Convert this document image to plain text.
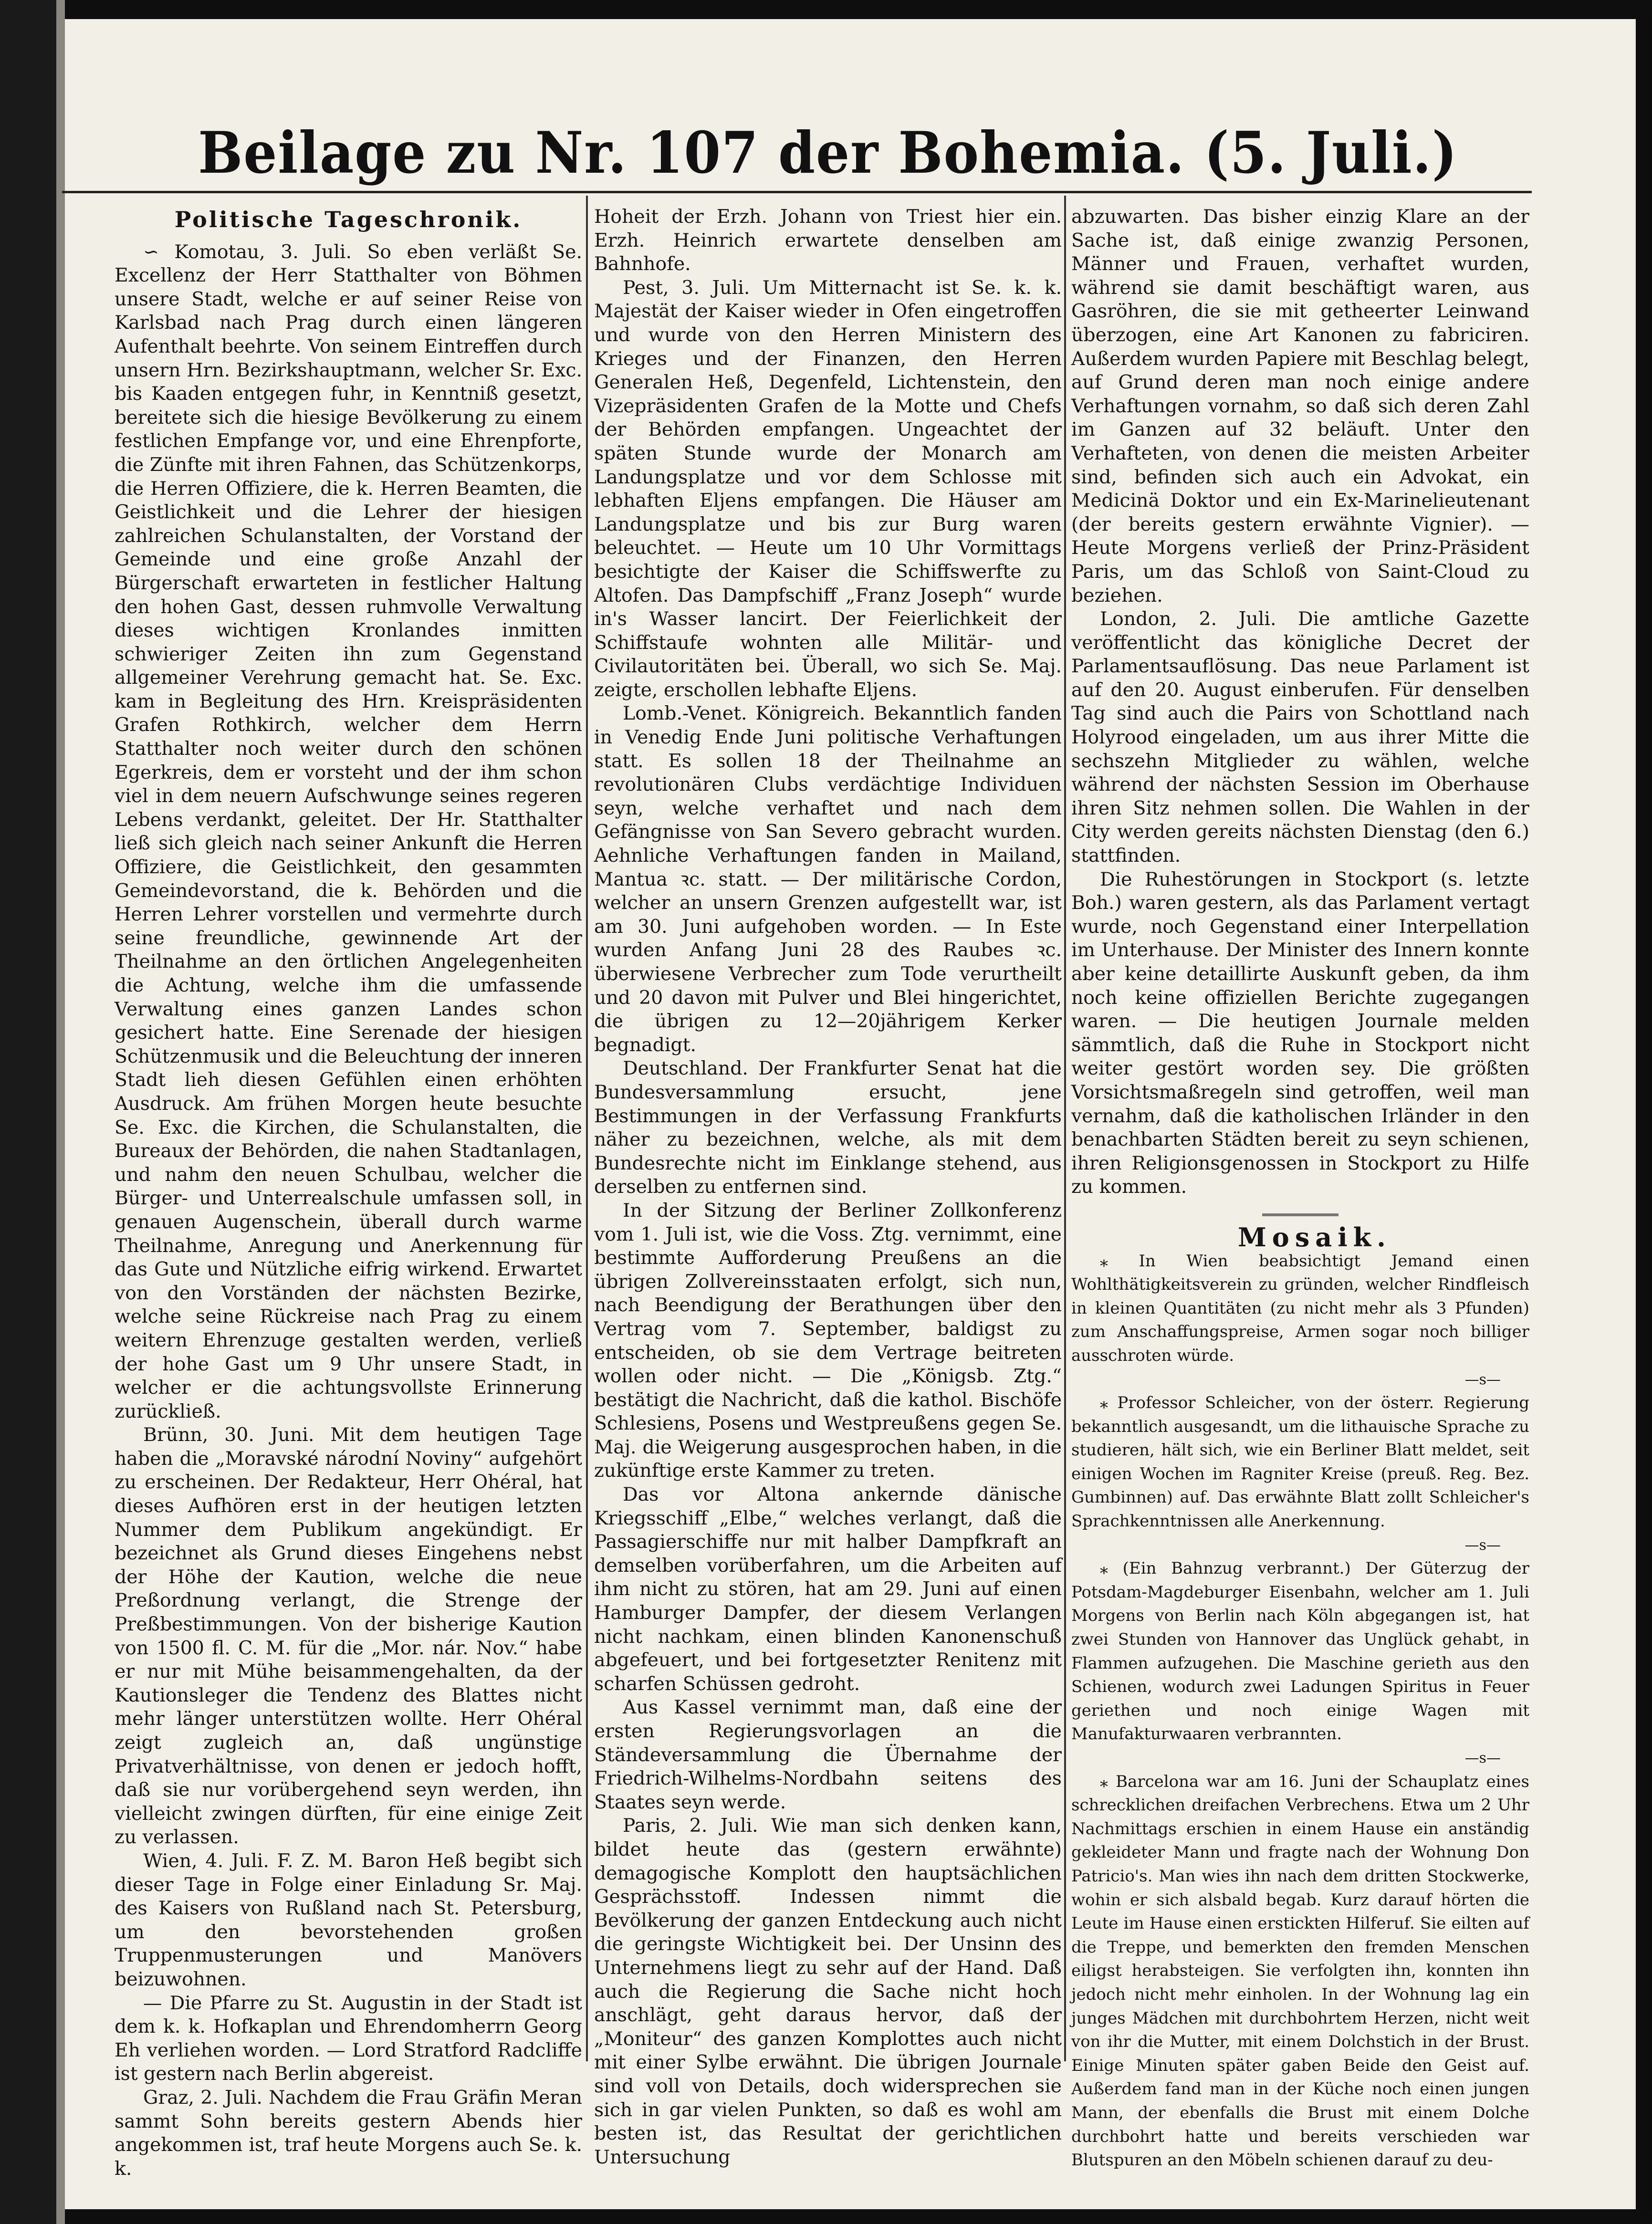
Beilage zu Nr. 107 der Bohemia. (5. Juli.)

Politische Tageschronik.

∽ Komotau, 3. Juli. So eben verläßt Se. Excellenz der Herr Statthalter von Böhmen unsere Stadt, welche er auf seiner Reise von Karlsbad nach Prag durch einen längeren Aufenthalt beehrte. Von seinem Eintreffen durch unsern Hrn. Bezirkshauptmann, welcher Sr. Exc. bis Kaaden entgegen fuhr, in Kenntniß gesetzt, bereitete sich die hiesige Bevölkerung zu einem festlichen Empfange vor, und eine Ehrenpforte, die Zünfte mit ihren Fahnen, das Schützenkorps, die Herren Offiziere, die k. Herren Beamten, die Geistlichkeit und die Lehrer der hiesigen zahlreichen Schulanstalten, der Vorstand der Gemeinde und eine große Anzahl der Bürgerschaft erwarteten in festlicher Haltung den hohen Gast, dessen ruhmvolle Verwaltung dieses wichtigen Kronlandes inmitten schwieriger Zeiten ihn zum Gegenstand allgemeiner Verehrung gemacht hat. Se. Exc. kam in Begleitung des Hrn. Kreispräsidenten Grafen Rothkirch, welcher dem Herrn Statthalter noch weiter durch den schönen Egerkreis, dem er vorsteht und der ihm schon viel in dem neuern Aufschwunge seines regeren Lebens verdankt, geleitet. Der Hr. Statthalter ließ sich gleich nach seiner Ankunft die Herren Offiziere, die Geistlichkeit, den gesammten Gemeindevorstand, die k. Behörden und die Herren Lehrer vorstellen und vermehrte durch seine freundliche, gewinnende Art der Theilnahme an den örtlichen Angelegenheiten die Achtung, welche ihm die umfassende Verwaltung eines ganzen Landes schon gesichert hatte. Eine Serenade der hiesigen Schützenmusik und die Beleuchtung der inneren Stadt lieh diesen Gefühlen einen erhöhten Ausdruck. Am frühen Morgen heute besuchte Se. Exc. die Kirchen, die Schulanstalten, die Bureaux der Behörden, die nahen Stadtanlagen, und nahm den neuen Schulbau, welcher die Bürger- und Unterrealschule umfassen soll, in genauen Augenschein, überall durch warme Theilnahme, Anregung und Anerkennung für das Gute und Nützliche eifrig wirkend. Erwartet von den Vorständen der nächsten Bezirke, welche seine Rückreise nach Prag zu einem weitern Ehrenzuge gestalten werden, verließ der hohe Gast um 9 Uhr unsere Stadt, in welcher er die achtungsvollste Erinnerung zurückließ.

Brünn, 30. Juni. Mit dem heutigen Tage haben die „Moravské národní Noviny“ aufgehört zu erscheinen. Der Redakteur, Herr Ohéral, hat dieses Aufhören erst in der heutigen letzten Nummer dem Publikum angekündigt. Er bezeichnet als Grund dieses Eingehens nebst der Höhe der Kaution, welche die neue Preßordnung verlangt, die Strenge der Preßbestimmungen. Von der bisherige Kaution von 1500 fl. C. M. für die „Mor. nár. Nov.“ habe er nur mit Mühe beisammengehalten, da der Kautionsleger die Tendenz des Blattes nicht mehr länger unterstützen wollte. Herr Ohéral zeigt zugleich an, daß ungünstige Privatverhältnisse, von denen er jedoch hofft, daß sie nur vorübergehend seyn werden, ihn vielleicht zwingen dürften, für eine einige Zeit zu verlassen.

Wien, 4. Juli. F. Z. M. Baron Heß begibt sich dieser Tage in Folge einer Einladung Sr. Maj. des Kaisers von Rußland nach St. Petersburg, um den bevorstehenden großen Truppenmusterungen und Manövers beizuwohnen.

— Die Pfarre zu St. Augustin in der Stadt ist dem k. k. Hofkaplan und Ehrendomherrn Georg Eh verliehen worden. — Lord Stratford Radcliffe ist gestern nach Berlin abgereist.

Graz, 2. Juli. Nachdem die Frau Gräfin Meran sammt Sohn bereits gestern Abends hier angekommen ist, traf heute Morgens auch Se. k. k.

Hoheit der Erzh. Johann von Triest hier ein. Erzh. Heinrich erwartete denselben am Bahnhofe.

Pest, 3. Juli. Um Mitternacht ist Se. k. k. Majestät der Kaiser wieder in Ofen eingetroffen und wurde von den Herren Ministern des Krieges und der Finanzen, den Herren Generalen Heß, Degenfeld, Lichtenstein, den Vizepräsidenten Grafen de la Motte und Chefs der Behörden empfangen. Ungeachtet der späten Stunde wurde der Monarch am Landungsplatze und vor dem Schlosse mit lebhaften Eljens empfangen. Die Häuser am Landungsplatze und bis zur Burg waren beleuchtet. — Heute um 10 Uhr Vormittags besichtigte der Kaiser die Schiffswerfte zu Altofen. Das Dampfschiff „Franz Joseph“ wurde in's Wasser lancirt. Der Feierlichkeit der Schiffstaufe wohnten alle Militär- und Civilautoritäten bei. Überall, wo sich Se. Maj. zeigte, erschollen lebhafte Eljens.

Lomb.-Venet. Königreich. Bekanntlich fanden in Venedig Ende Juni politische Verhaftungen statt. Es sollen 18 der Theilnahme an revolutionären Clubs verdächtige Individuen seyn, welche verhaftet und nach dem Gefängnisse von San Severo gebracht wurden. Aehnliche Verhaftungen fanden in Mailand, Mantua ꝛc. statt. — Der militärische Cordon, welcher an unsern Grenzen aufgestellt war, ist am 30. Juni aufgehoben worden. — In Este wurden Anfang Juni 28 des Raubes ꝛc. überwiesene Verbrecher zum Tode verurtheilt und 20 davon mit Pulver und Blei hingerichtet, die übrigen zu 12—20jährigem Kerker begnadigt.

Deutschland. Der Frankfurter Senat hat die Bundesversammlung ersucht, jene Bestimmungen in der Verfassung Frankfurts näher zu bezeichnen, welche, als mit dem Bundesrechte nicht im Einklange stehend, aus derselben zu entfernen sind.

In der Sitzung der Berliner Zollkonferenz vom 1. Juli ist, wie die Voss. Ztg. vernimmt, eine bestimmte Aufforderung Preußens an die übrigen Zollvereinsstaaten erfolgt, sich nun, nach Beendigung der Berathungen über den Vertrag vom 7. September, baldigst zu entscheiden, ob sie dem Vertrage beitreten wollen oder nicht. — Die „Königsb. Ztg.“ bestätigt die Nachricht, daß die kathol. Bischöfe Schlesiens, Posens und Westpreußens gegen Se. Maj. die Weigerung ausgesprochen haben, in die zukünftige erste Kammer zu treten.

Das vor Altona ankernde dänische Kriegsschiff „Elbe,“ welches verlangt, daß die Passagierschiffe nur mit halber Dampfkraft an demselben vorüberfahren, um die Arbeiten auf ihm nicht zu stören, hat am 29. Juni auf einen Hamburger Dampfer, der diesem Verlangen nicht nachkam, einen blinden Kanonenschuß abgefeuert, und bei fortgesetzter Renitenz mit scharfen Schüssen gedroht.

Aus Kassel vernimmt man, daß eine der ersten Regierungsvorlagen an die Ständeversammlung die Übernahme der Friedrich-Wilhelms-Nordbahn seitens des Staates seyn werde.

Paris, 2. Juli. Wie man sich denken kann, bildet heute das (gestern erwähnte) demagogische Komplott den hauptsächlichen Gesprächsstoff. Indessen nimmt die Bevölkerung der ganzen Entdeckung auch nicht die geringste Wichtigkeit bei. Der Unsinn des Unternehmens liegt zu sehr auf der Hand. Daß auch die Regierung die Sache nicht hoch anschlägt, geht daraus hervor, daß der „Moniteur“ des ganzen Komplottes auch nicht mit einer Sylbe erwähnt. Die übrigen Journale sind voll von Details, doch widersprechen sie sich in gar vielen Punkten, so daß es wohl am besten ist, das Resultat der gerichtlichen Untersuchung

abzuwarten. Das bisher einzig Klare an der Sache ist, daß einige zwanzig Personen, Männer und Frauen, verhaftet wurden, während sie damit beschäftigt waren, aus Gasröhren, die sie mit getheerter Leinwand überzogen, eine Art Kanonen zu fabriciren. Außerdem wurden Papiere mit Beschlag belegt, auf Grund deren man noch einige andere Verhaftungen vornahm, so daß sich deren Zahl im Ganzen auf 32 beläuft. Unter den Verhafteten, von denen die meisten Arbeiter sind, befinden sich auch ein Advokat, ein Medicinä Doktor und ein Ex-Marinelieutenant (der bereits gestern erwähnte Vignier). — Heute Morgens verließ der Prinz-Präsident Paris, um das Schloß von Saint-Cloud zu beziehen.

London, 2. Juli. Die amtliche Gazette veröffentlicht das königliche Decret der Parlamentsauflösung. Das neue Parlament ist auf den 20. August einberufen. Für denselben Tag sind auch die Pairs von Schottland nach Holyrood eingeladen, um aus ihrer Mitte die sechszehn Mitglieder zu wählen, welche während der nächsten Session im Oberhause ihren Sitz nehmen sollen. Die Wahlen in der City werden gereits nächsten Dienstag (den 6.) stattfinden.

Die Ruhestörungen in Stockport (s. letzte Boh.) waren gestern, als das Parlament vertagt wurde, noch Gegenstand einer Interpellation im Unterhause. Der Minister des Innern konnte aber keine detaillirte Auskunft geben, da ihm noch keine offiziellen Berichte zugegangen waren. — Die heutigen Journale melden sämmtlich, daß die Ruhe in Stockport nicht weiter gestört worden sey. Die größten Vorsichtsmaßregeln sind getroffen, weil man vernahm, daß die katholischen Irländer in den benachbarten Städten bereit zu seyn schienen, ihren Religionsgenossen in Stockport zu Hilfe zu kommen.

Mosaik.

⁎ In Wien beabsichtigt Jemand einen Wohlthätigkeitsverein zu gründen, welcher Rindfleisch in kleinen Quantitäten (zu nicht mehr als 3 Pfunden) zum Anschaffungspreise, Armen sogar noch billiger ausschroten würde.

—s—

⁎ Professor Schleicher, von der österr. Regierung bekanntlich ausgesandt, um die lithauische Sprache zu studieren, hält sich, wie ein Berliner Blatt meldet, seit einigen Wochen im Ragniter Kreise (preuß. Reg. Bez. Gumbinnen) auf. Das erwähnte Blatt zollt Schleicher's Sprachkenntnissen alle Anerkennung.

—s—

⁎ (Ein Bahnzug verbrannt.) Der Güterzug der Potsdam-Magdeburger Eisenbahn, welcher am 1. Juli Morgens von Berlin nach Köln abgegangen ist, hat zwei Stunden von Hannover das Unglück gehabt, in Flammen aufzugehen. Die Maschine gerieth aus den Schienen, wodurch zwei Ladungen Spiritus in Feuer geriethen und noch einige Wagen mit Manufakturwaaren verbrannten.

—s—

⁎ Barcelona war am 16. Juni der Schauplatz eines schrecklichen dreifachen Verbrechens. Etwa um 2 Uhr Nachmittags erschien in einem Hause ein anständig gekleideter Mann und fragte nach der Wohnung Don Patricio's. Man wies ihn nach dem dritten Stockwerke, wohin er sich alsbald begab. Kurz darauf hörten die Leute im Hause einen erstickten Hilferuf. Sie eilten auf die Treppe, und bemerkten den fremden Menschen eiligst herabsteigen. Sie verfolgten ihn, konnten ihn jedoch nicht mehr einholen. In der Wohnung lag ein junges Mädchen mit durchbohrtem Herzen, nicht weit von ihr die Mutter, mit einem Dolchstich in der Brust. Einige Minuten später gaben Beide den Geist auf. Außerdem fand man in der Küche noch einen jungen Mann, der ebenfalls die Brust mit einem Dolche durchbohrt hatte und bereits verschieden war Blutspuren an den Möbeln schienen darauf zu deu-
